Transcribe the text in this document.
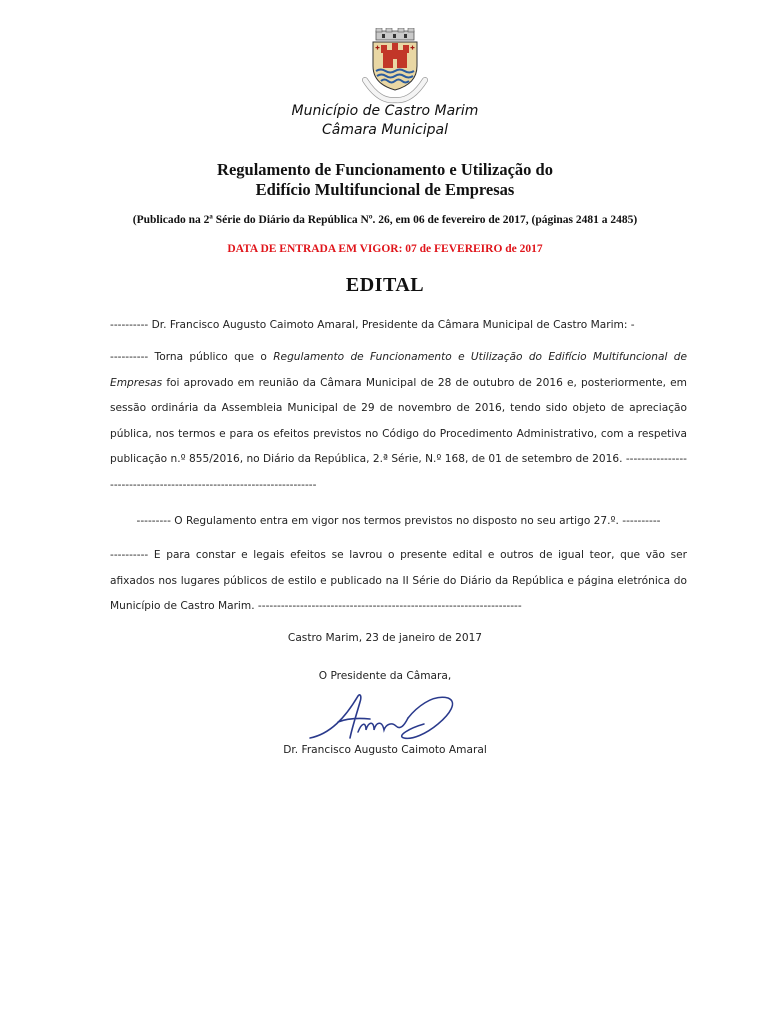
Município de Castro Marim
Câmara Municipal
Regulamento de Funcionamento e Utilização do
Edifício Multifuncional de Empresas
(Publicado na 2ª Série do Diário da República Nº. 26, em 06 de fevereiro de 2017, (páginas 2481 a 2485)
DATA DE ENTRADA EM VIGOR: 07 de FEVEREIRO de 2017
EDITAL
---------- Dr. Francisco Augusto Caimoto Amaral, Presidente da Câmara Municipal de Castro Marim: -
---------- Torna público que o Regulamento de Funcionamento e Utilização do Edifício Multifuncional de Empresas foi aprovado em reunião da Câmara Municipal de 28 de outubro de 2016 e, posteriormente, em sessão ordinária da Assembleia Municipal de 29 de novembro de 2016, tendo sido objeto de apreciação pública, nos termos e para os efeitos previstos no Código do Procedimento Administrativo, com a respetiva publicação n.º 855/2016, no Diário da República, 2.ª Série, N.º 168, de 01 de setembro de 2016. ----------------------------------------------------------------------
--------- O Regulamento entra em vigor nos termos previstos no disposto no seu artigo 27.º. ----------
---------- E para constar e legais efeitos se lavrou o presente edital e outros de igual teor, que vão ser afixados nos lugares públicos de estilo e publicado na II Série do Diário da República e página eletrónica do Município de Castro Marim. ---------------------------------------------------------------------
Castro Marim, 23 de janeiro de 2017
O Presidente da Câmara,
Dr. Francisco Augusto Caimoto Amaral
